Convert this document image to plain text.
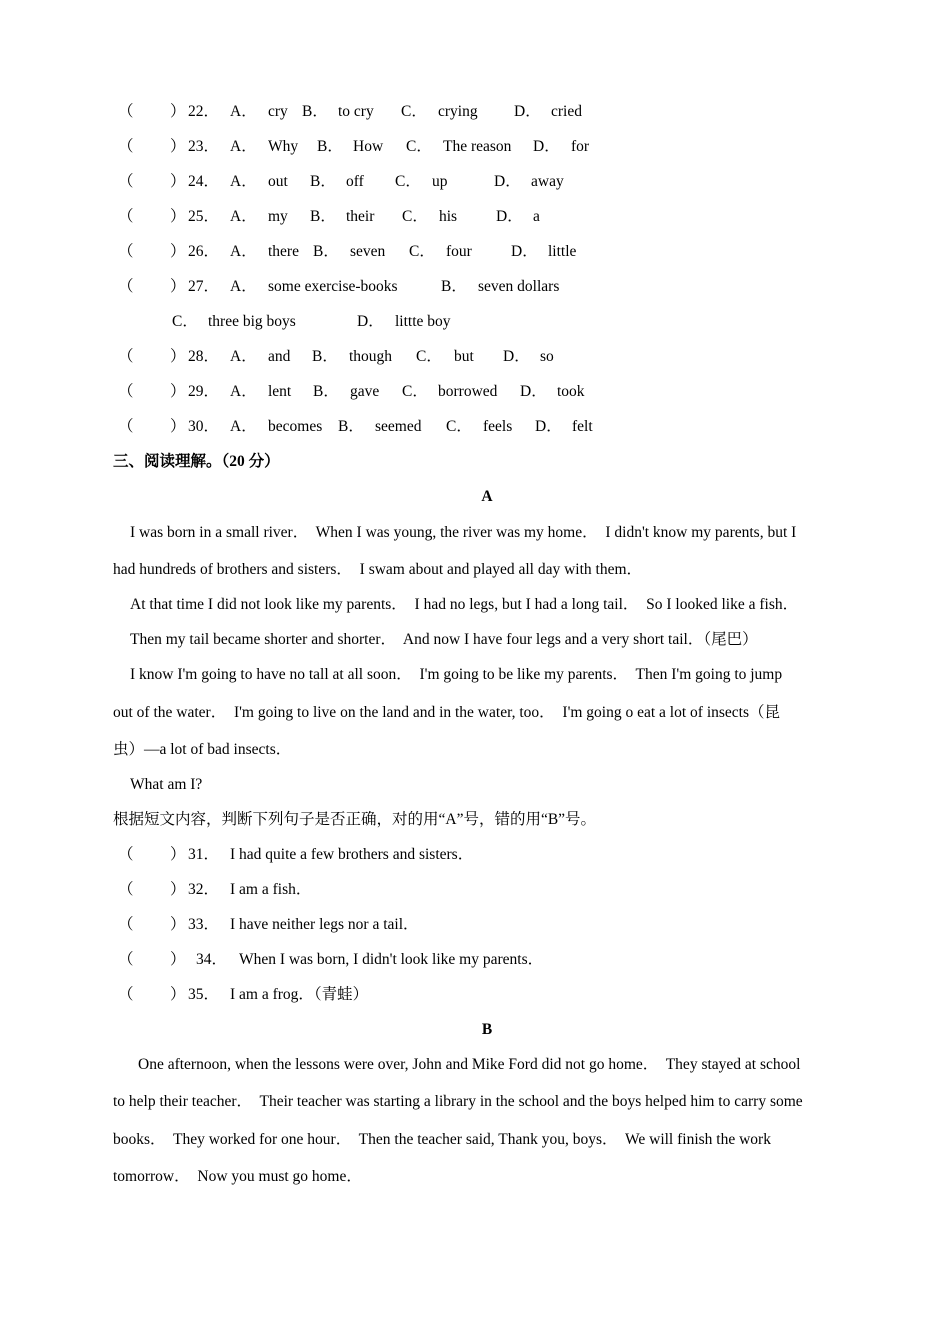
（ ） 22． A． cry B． to cry C． crying D． cried
（ ） 23． A． Why B． How C． The reason D． for
（ ） 24． A． out B． off C． up	D． away
（ ） 25． A． my B． their C． his	D． a
（ ） 26． A． there B． seven C． four	D． little
（ ） 27． A． some exercise-books	B． seven dollars
C． three big boys	D． littte boy
（ ） 28． A． and B． though C． but D． so
（ ） 29． A． lent B． gave C． borrowed D． took
（ ） 30． A． becomes B． seemed C． feels D． felt
三、阅读理解。（20 分）
A
I was born in a small river．  When I was young, the river was my home．  I didn't know my parents, but I
had hundreds of brothers and sisters．  I swam about and played all day with them．
At that time I did not look like my parents．  I had no legs, but I had a long tail．  So I looked like a fish．
Then my tail became shorter and shorter．  And now I have four legs and a very short tail．（尾巴）
I know I'm going to have no tall at all soon．  I'm going to be like my parents．  Then I'm going to jump
out of the water．  I'm going to live on the land and in the water, too．  I'm going o eat a lot of insects（昆
虫）—a lot of bad insects．
What am I?
根据短文内容，判断下列句子是否正确，对的用“A”号，错的用“B”号。
（ ） 31． I had quite a few brothers and sisters．
（ ） 32． I am a fish．
（ ） 33． I have neither legs nor a tail．
（ ） 34． When I was born, I didn't look like my parents．
（ ） 35． I am a frog．（青蛙）
B
One afternoon, when the lessons were over, John and Mike Ford did not go home．  They stayed at school
to help their teacher．  Their teacher was starting a library in the school and the boys helped him to carry some
books．  They worked for one hour．  Then the teacher said, Thank you, boys．  We will finish the work
tomorrow．  Now you must go home．
